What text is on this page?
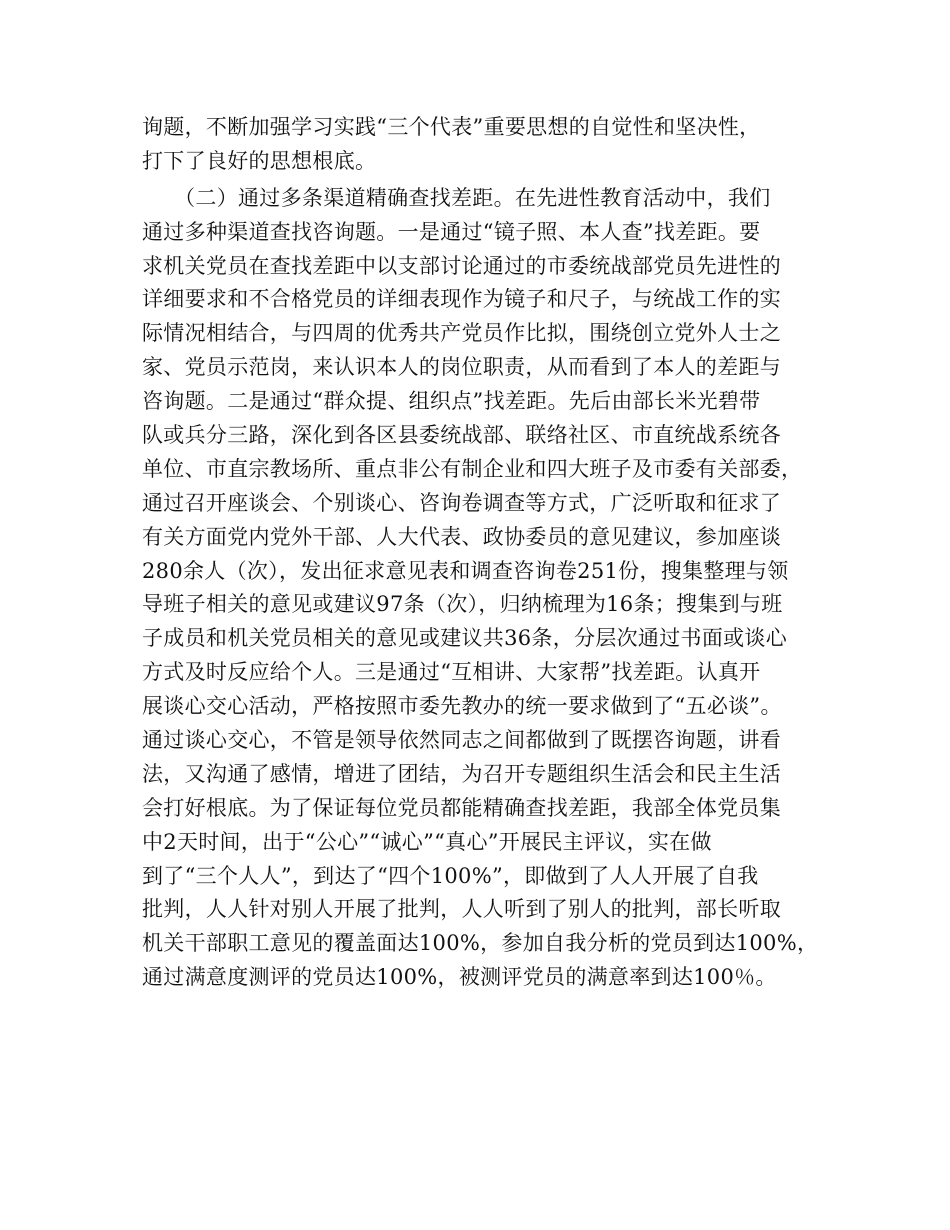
询题，不断加强学习实践“三个代表”重要思想的自觉性和坚决性，
打下了良好的思想根底。
　　（二）通过多条渠道精确查找差距。在先进性教育活动中，我们
通过多种渠道查找咨询题。一是通过“镜子照、本人查”找差距。要
求机关党员在查找差距中以支部讨论通过的市委统战部党员先进性的
详细要求和不合格党员的详细表现作为镜子和尺子，与统战工作的实
际情况相结合，与四周的优秀共产党员作比拟，围绕创立党外人士之
家、党员示范岗，来认识本人的岗位职责，从而看到了本人的差距与
咨询题。二是通过“群众提、组织点”找差距。先后由部长米光碧带
队或兵分三路，深化到各区县委统战部、联络社区、市直统战系统各
单位、市直宗教场所、重点非公有制企业和四大班子及市委有关部委，
通过召开座谈会、个别谈心、咨询卷调查等方式，广泛听取和征求了
有关方面党内党外干部、人大代表、政协委员的意见建议，参加座谈
280余人（次），发出征求意见表和调查咨询卷251份，搜集整理与领
导班子相关的意见或建议97条（次），归纳梳理为16条；搜集到与班
子成员和机关党员相关的意见或建议共36条，分层次通过书面或谈心
方式及时反应给个人。三是通过“互相讲、大家帮”找差距。认真开
展谈心交心活动，严格按照市委先教办的统一要求做到了“五必谈”。
通过谈心交心，不管是领导依然同志之间都做到了既摆咨询题，讲看
法，又沟通了感情，增进了团结，为召开专题组织生活会和民主生活
会打好根底。为了保证每位党员都能精确查找差距，我部全体党员集
中2天时间，出于“公心”“诚心”“真心”开展民主评议，实在做
到了“三个人人”，到达了“四个100%”，即做到了人人开展了自我
批判，人人针对别人开展了批判，人人听到了别人的批判，部长听取
机关干部职工意见的覆盖面达100%，参加自我分析的党员到达100%，
通过满意度测评的党员达100%，被测评党员的满意率到达100％。
